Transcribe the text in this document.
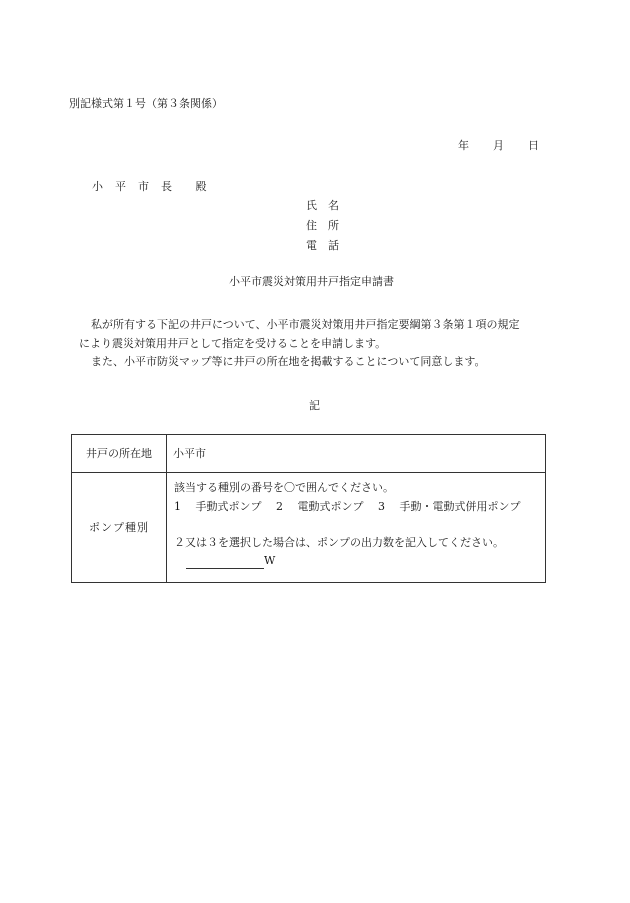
別記様式第１号（第３条関係）
年 月 日
小　平　市　長　　殿
氏　名
住　所
電　話
小平市震災対策用井戸指定申請書
私が所有する下記の井戸について、小平市震災対策用井戸指定要綱第３条第１項の規定
により震災対策用井戸として指定を受けることを申請します。
また、小平市防災マップ等に井戸の所在地を掲載することについて同意します。
記
井戸の所在地	小平市

ポンプ種別	該当する種別の番号を〇で囲んでください。
1　 手動式ポンプ　 2　 電動式ポンプ　 3　 手動・電動式併用ポンプ
２又は３を選択した場合は、ポンプの出力数を記入してください。
W
